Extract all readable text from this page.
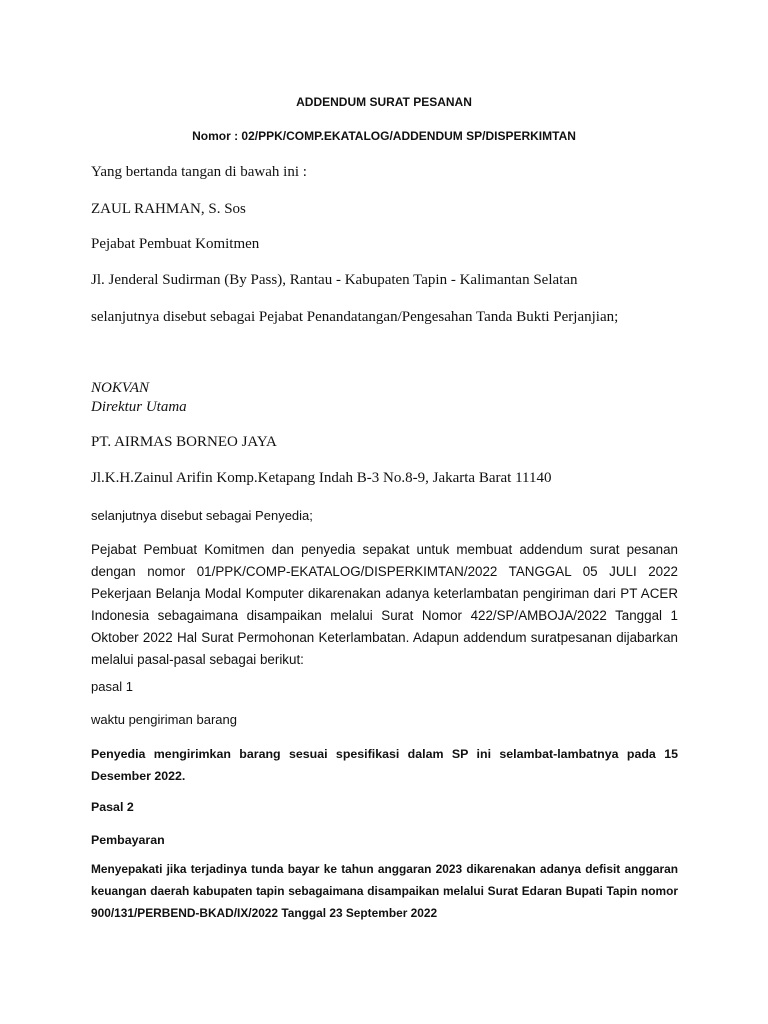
ADDENDUM SURAT PESANAN
Nomor : 02/PPK/COMP.EKATALOG/ADDENDUM SP/DISPERKIMTAN
Yang bertanda tangan di bawah ini :
ZAUL RAHMAN, S. Sos
Pejabat Pembuat Komitmen
Jl. Jenderal Sudirman (By Pass), Rantau - Kabupaten Tapin - Kalimantan Selatan
selanjutnya disebut sebagai Pejabat Penandatangan/Pengesahan Tanda Bukti Perjanjian;
NOKVAN
Direktur Utama
PT. AIRMAS BORNEO JAYA
Jl.K.H.Zainul Arifin Komp.Ketapang Indah B-3 No.8-9, Jakarta Barat 11140
selanjutnya disebut sebagai Penyedia;
Pejabat Pembuat Komitmen dan penyedia sepakat untuk membuat addendum surat pesanan dengan nomor 01/PPK/COMP-EKATALOG/DISPERKIMTAN/2022 TANGGAL 05 JULI 2022 Pekerjaan Belanja Modal Komputer dikarenakan adanya keterlambatan pengiriman dari PT ACER Indonesia sebagaimana disampaikan melalui Surat Nomor 422/SP/AMBOJA/2022 Tanggal 1 Oktober 2022 Hal Surat Permohonan Keterlambatan. Adapun addendum suratpesanan dijabarkan melalui pasal-pasal sebagai berikut:
pasal 1
waktu pengiriman barang
Penyedia mengirimkan barang sesuai spesifikasi dalam SP ini selambat-lambatnya pada 15 Desember 2022.
Pasal 2
Pembayaran
Menyepakati jika terjadinya tunda bayar ke tahun anggaran 2023 dikarenakan adanya defisit anggaran keuangan daerah kabupaten tapin sebagaimana disampaikan melalui Surat Edaran Bupati Tapin nomor 900/131/PERBEND-BKAD/IX/2022 Tanggal 23 September 2022
